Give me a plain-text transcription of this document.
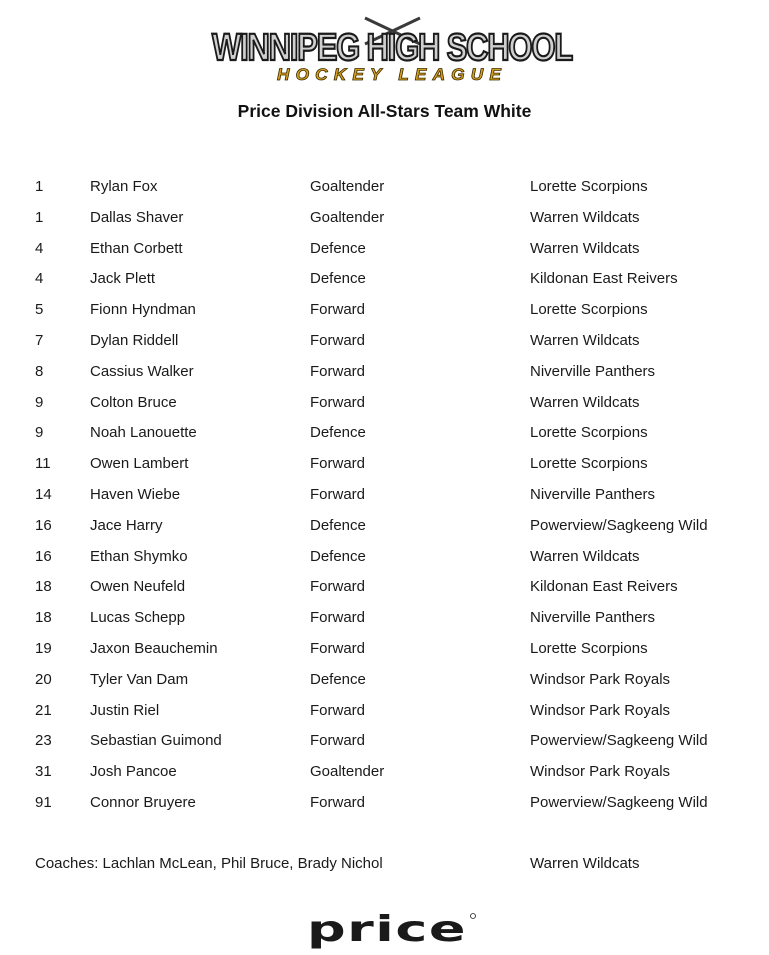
WINNIPEG HIGH SCHOOL
HOCKEY LEAGUE
Price Division All-Stars Team White
1	Rylan Fox	Goaltender	Lorette Scorpions
1	Dallas Shaver	Goaltender	Warren Wildcats
4	Ethan Corbett	Defence	Warren Wildcats
4	Jack Plett	Defence	Kildonan East Reivers
5	Fionn Hyndman	Forward	Lorette Scorpions
7	Dylan Riddell	Forward	Warren Wildcats
8	Cassius Walker	Forward	Niverville Panthers
9	Colton Bruce	Forward	Warren Wildcats
9	Noah Lanouette	Defence	Lorette Scorpions
11	Owen Lambert	Forward	Lorette Scorpions
14	Haven Wiebe	Forward	Niverville Panthers
16	Jace Harry	Defence	Powerview/Sagkeeng Wild
16	Ethan Shymko	Defence	Warren Wildcats
18	Owen Neufeld	Forward	Kildonan East Reivers
18	Lucas Schepp	Forward	Niverville Panthers
19	Jaxon Beauchemin	Forward	Lorette Scorpions
20	Tyler Van Dam	Defence	Windsor Park Royals
21	Justin Riel	Forward	Windsor Park Royals
23	Sebastian Guimond	Forward	Powerview/Sagkeeng Wild
31	Josh Pancoe	Goaltender	Windsor Park Royals
91	Connor Bruyere	Forward	Powerview/Sagkeeng Wild
Coaches: Lachlan McLean, Phil Bruce, Brady Nichol	Warren Wildcats
price
